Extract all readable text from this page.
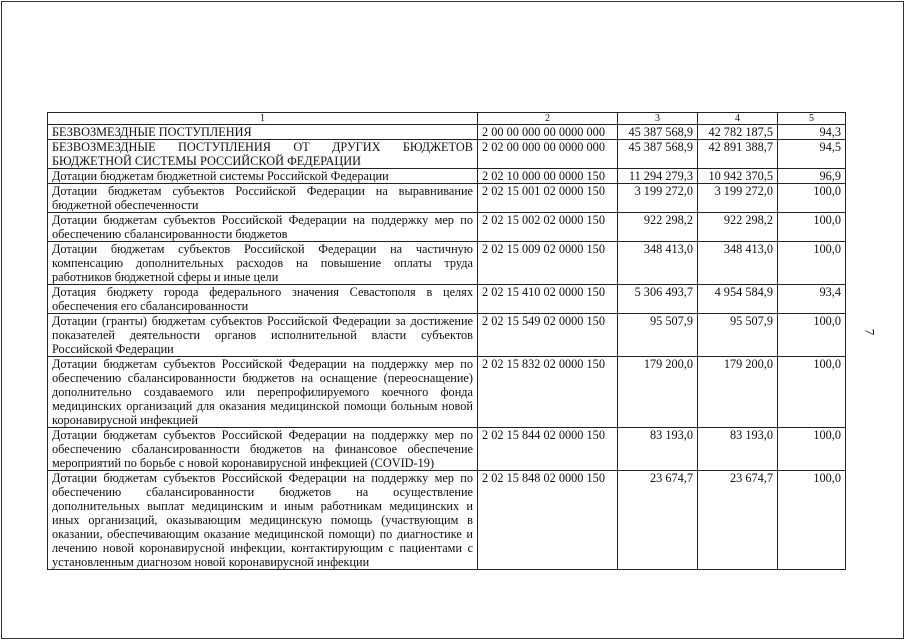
1	2	3	4	5
БЕЗВОЗМЕЗДНЫЕ ПОСТУПЛЕНИЯ	2 00 00 000 00 0000 000	45 387 568,9	42 782 187,5	94,3
БЕЗВОЗМЕЗДНЫЕ ПОСТУПЛЕНИЯ ОТ ДРУГИХ БЮДЖЕТОВ БЮДЖЕТНОЙ СИСТЕМЫ РОССИЙСКОЙ ФЕДЕРАЦИИ	2 02 00 000 00 0000 000	45 387 568,9	42 891 388,7	94,5
Дотации бюджетам бюджетной системы Российской Федерации	2 02 10 000 00 0000 150	11 294 279,3	10 942 370,5	96,9
Дотации бюджетам субъектов Российской Федерации на выравнивание бюджетной обеспеченности	2 02 15 001 02 0000 150	3 199 272,0	3 199 272,0	100,0
Дотации бюджетам субъектов Российской Федерации на поддержку мер по обеспечению сбалансированности бюджетов	2 02 15 002 02 0000 150	922 298,2	922 298,2	100,0
Дотации бюджетам субъектов Российской Федерации на частичную компенсацию дополнительных расходов на повышение оплаты труда работников бюджетной сферы и иные цели	2 02 15 009 02 0000 150	348 413,0	348 413,0	100,0
Дотация бюджету города федерального значения Севастополя в целях обеспечения его сбалансированности	2 02 15 410 02 0000 150	5 306 493,7	4 954 584,9	93,4
Дотации (гранты) бюджетам субъектов Российской Федерации за достижение показателей деятельности органов исполнительной власти субъектов Российской Федерации	2 02 15 549 02 0000 150	95 507,9	95 507,9	100,0
Дотации бюджетам субъектов Российской Федерации на поддержку мер по обеспечению сбалансированности бюджетов на оснащение (переоснащение) дополнительно создаваемого или перепрофилируемого коечного фонда медицинских организаций для оказания медицинской помощи больным новой коронавирусной инфекцией	2 02 15 832 02 0000 150	179 200,0	179 200,0	100,0
Дотации бюджетам субъектов Российской Федерации на поддержку мер по обеспечению сбалансированности бюджетов на финансовое обеспечение мероприятий по борьбе с новой коронавирусной инфекцией (COVID-19)	2 02 15 844 02 0000 150	83 193,0	83 193,0	100,0
Дотации бюджетам субъектов Российской Федерации на поддержку мер по обеспечению сбалансированности бюджетов на осуществление дополнительных выплат медицинским и иным работникам медицинских и иных организаций, оказывающим медицинскую помощь (участвующим в оказании, обеспечивающим оказание медицинской помощи) по диагностике и лечению новой коронавирусной инфекции, контактирующим с пациентами с установленным диагнозом новой коронавирусной инфекции	2 02 15 848 02 0000 150	23 674,7	23 674,7	100,0
7
